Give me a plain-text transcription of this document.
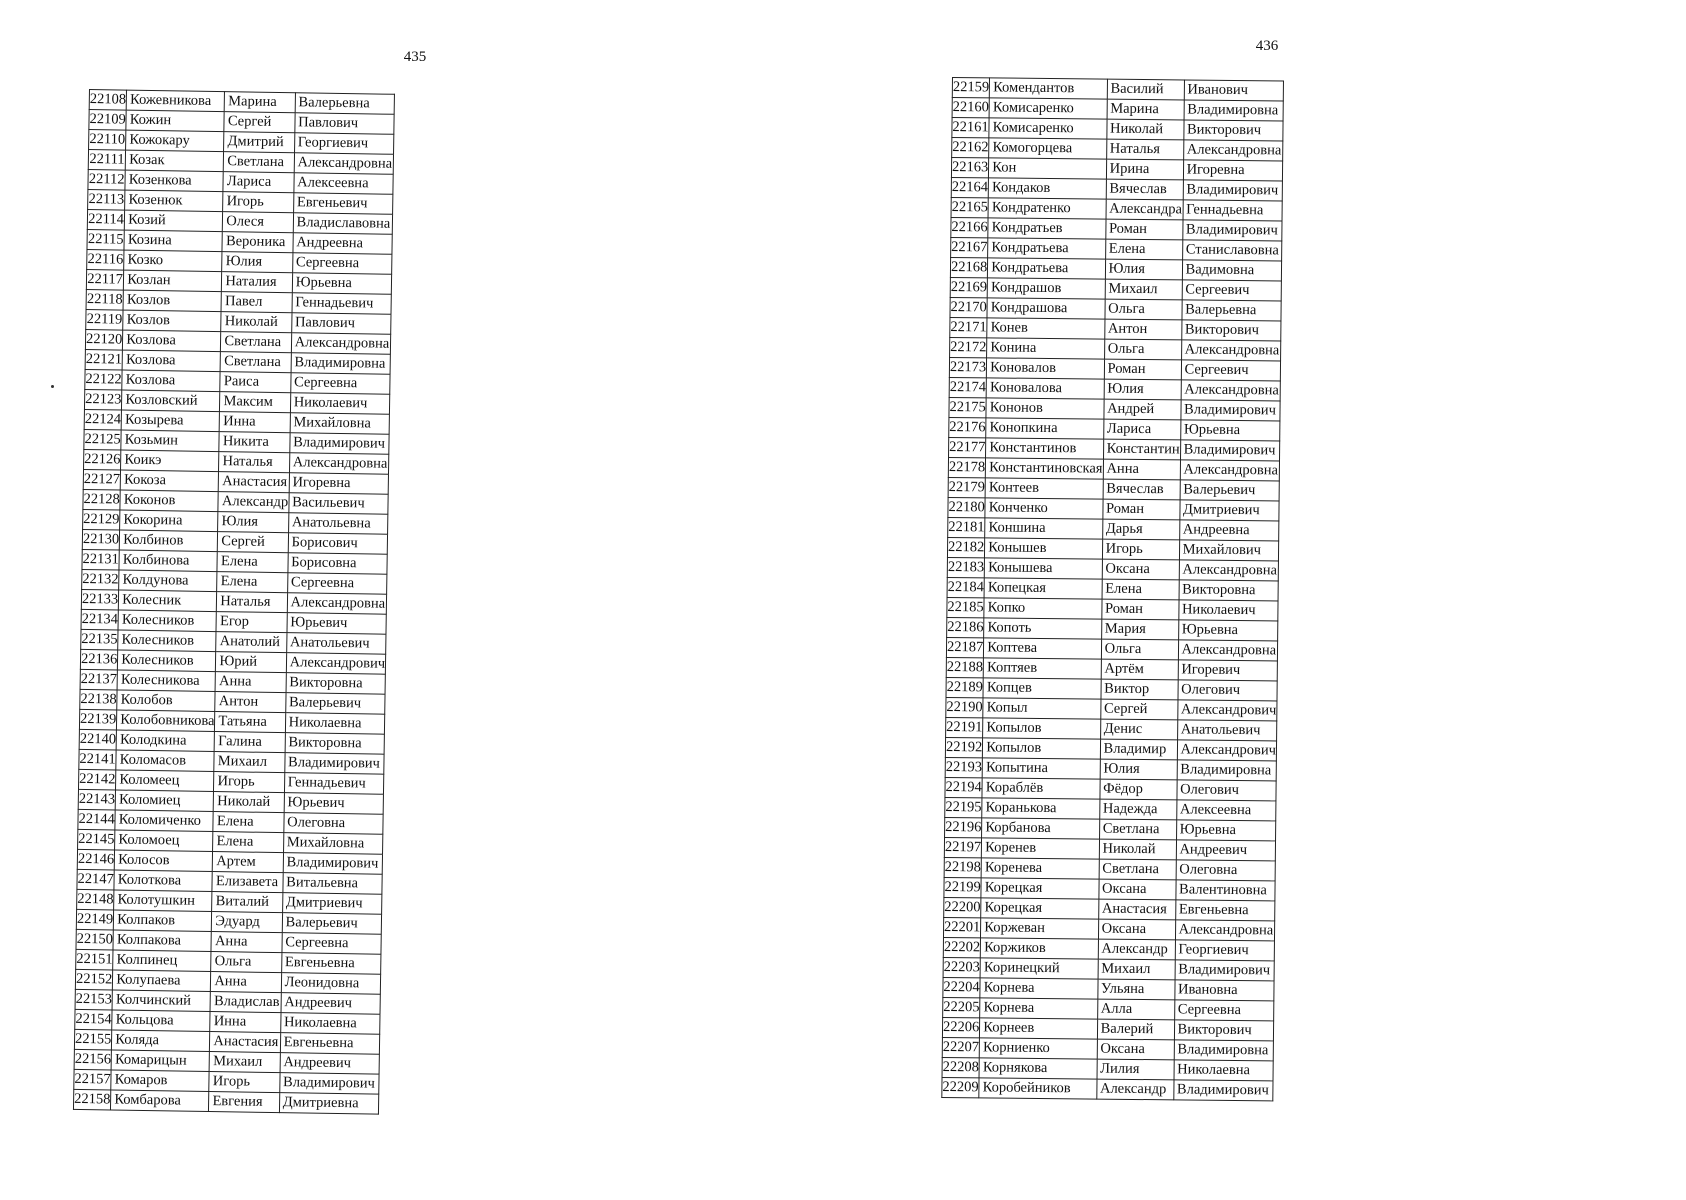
435
22108	Кожевникова	Марина	Валерьевна
22109	Кожин	Сергей	Павлович
22110	Кожокару	Дмитрий	Георгиевич
22111	Козак	Светлана	Александровна
22112	Козенкова	Лариса	Алексеевна
22113	Козенюк	Игорь	Евгеньевич
22114	Козий	Олеся	Владиславовна
22115	Козина	Вероника	Андреевна
22116	Козко	Юлия	Сергеевна
22117	Козлан	Наталия	Юрьевна
22118	Козлов	Павел	Геннадьевич
22119	Козлов	Николай	Павлович
22120	Козлова	Светлана	Александровна
22121	Козлова	Светлана	Владимировна
22122	Козлова	Раиса	Сергеевна
22123	Козловский	Максим	Николаевич
22124	Козырева	Инна	Михайловна
22125	Козьмин	Никита	Владимирович
22126	Коикэ	Наталья	Александровна
22127	Кокоза	Анастасия	Игоревна
22128	Коконов	Александр	Васильевич
22129	Кокорина	Юлия	Анатольевна
22130	Колбинов	Сергей	Борисович
22131	Колбинова	Елена	Борисовна
22132	Колдунова	Елена	Сергеевна
22133	Колесник	Наталья	Александровна
22134	Колесников	Егор	Юрьевич
22135	Колесников	Анатолий	Анатольевич
22136	Колесников	Юрий	Александрович
22137	Колесникова	Анна	Викторовна
22138	Колобов	Антон	Валерьевич
22139	Колобовникова	Татьяна	Николаевна
22140	Колодкина	Галина	Викторовна
22141	Коломасов	Михаил	Владимирович
22142	Коломеец	Игорь	Геннадьевич
22143	Коломиец	Николай	Юрьевич
22144	Коломиченко	Елена	Олеговна
22145	Коломоец	Елена	Михайловна
22146	Колосов	Артем	Владимирович
22147	Колоткова	Елизавета	Витальевна
22148	Колотушкин	Виталий	Дмитриевич
22149	Колпаков	Эдуард	Валерьевич
22150	Колпакова	Анна	Сергеевна
22151	Колпинец	Ольга	Евгеньевна
22152	Колупаева	Анна	Леонидовна
22153	Колчинский	Владислав	Андреевич
22154	Кольцова	Инна	Николаевна
22155	Коляда	Анастасия	Евгеньевна
22156	Комарицын	Михаил	Андреевич
22157	Комаров	Игорь	Владимирович
22158	Комбарова	Евгения	Дмитриевна
436
22159	Комендантов	Василий	Иванович
22160	Комисаренко	Марина	Владимировна
22161	Комисаренко	Николай	Викторович
22162	Комогорцева	Наталья	Александровна
22163	Кон	Ирина	Игоревна
22164	Кондаков	Вячеслав	Владимирович
22165	Кондратенко	Александра	Геннадьевна
22166	Кондратьев	Роман	Владимирович
22167	Кондратьева	Елена	Станиславовна
22168	Кондратьева	Юлия	Вадимовна
22169	Кондрашов	Михаил	Сергеевич
22170	Кондрашова	Ольга	Валерьевна
22171	Конев	Антон	Викторович
22172	Конина	Ольга	Александровна
22173	Коновалов	Роман	Сергеевич
22174	Коновалова	Юлия	Александровна
22175	Кононов	Андрей	Владимирович
22176	Конопкина	Лариса	Юрьевна
22177	Константинов	Константин	Владимирович
22178	Константиновская	Анна	Александровна
22179	Контеев	Вячеслав	Валерьевич
22180	Конченко	Роман	Дмитриевич
22181	Коншина	Дарья	Андреевна
22182	Конышев	Игорь	Михайлович
22183	Конышева	Оксана	Александровна
22184	Копецкая	Елена	Викторовна
22185	Копко	Роман	Николаевич
22186	Копоть	Мария	Юрьевна
22187	Коптева	Ольга	Александровна
22188	Коптяев	Артём	Игоревич
22189	Копцев	Виктор	Олегович
22190	Копыл	Сергей	Александрович
22191	Копылов	Денис	Анатольевич
22192	Копылов	Владимир	Александрович
22193	Копытина	Юлия	Владимировна
22194	Кораблёв	Фёдор	Олегович
22195	Коранькова	Надежда	Алексеевна
22196	Корбанова	Светлана	Юрьевна
22197	Коренев	Николай	Андреевич
22198	Коренева	Светлана	Олеговна
22199	Корецкая	Оксана	Валентиновна
22200	Корецкая	Анастасия	Евгеньевна
22201	Коржеван	Оксана	Александровна
22202	Коржиков	Александр	Георгиевич
22203	Коринецкий	Михаил	Владимирович
22204	Корнева	Ульяна	Ивановна
22205	Корнева	Алла	Сергеевна
22206	Корнеев	Валерий	Викторович
22207	Корниенко	Оксана	Владимировна
22208	Корнякова	Лилия	Николаевна
22209	Коробейников	Александр	Владимирович
